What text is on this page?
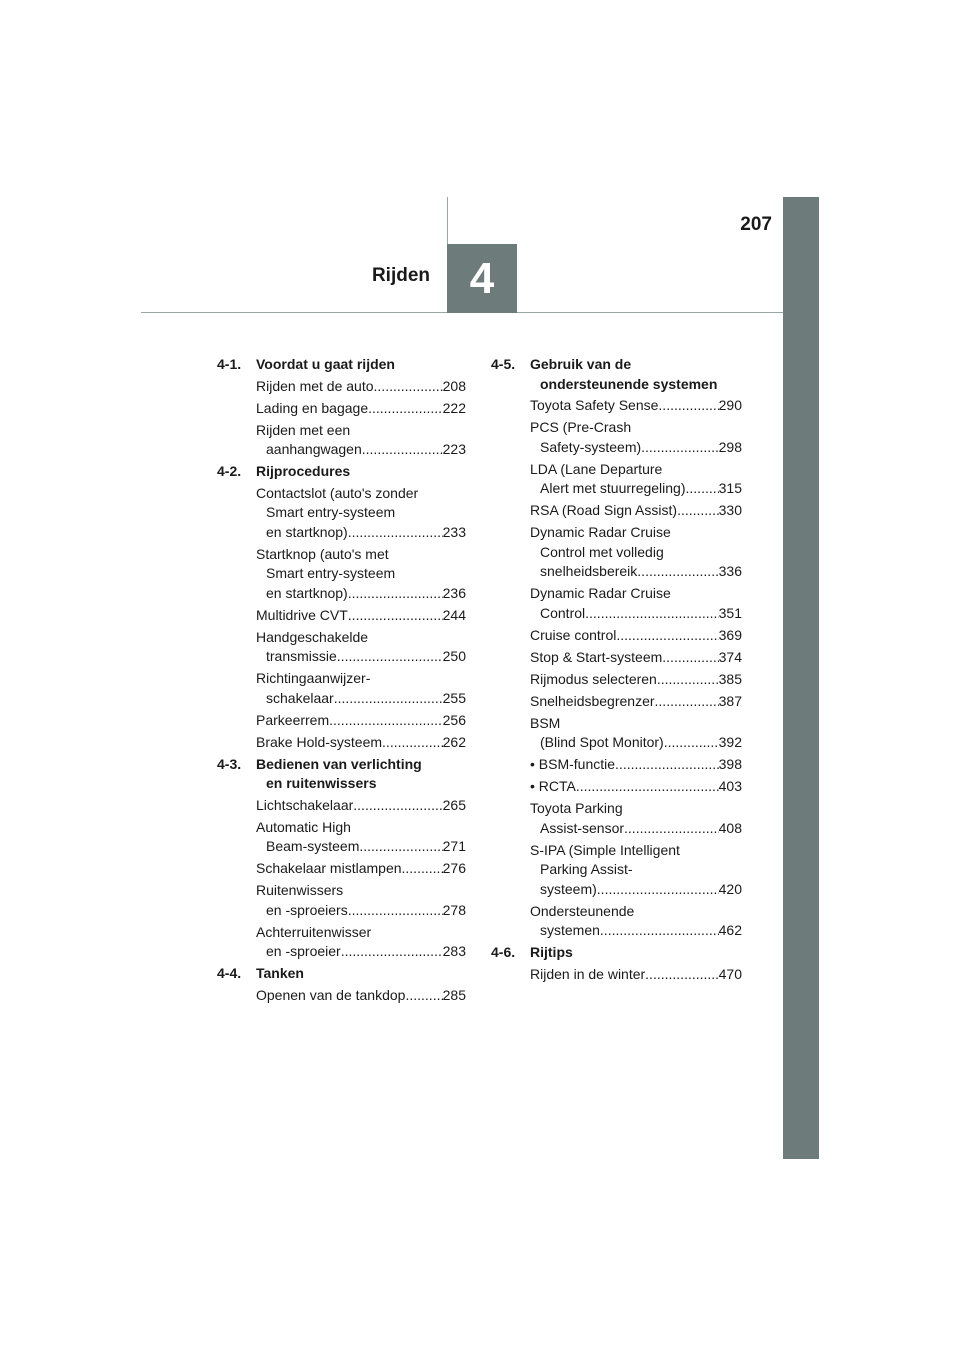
207
Rijden 4
4-1.	Voordat u gaat rijden
Rijden met de auto .....	208
Lading en bagage .....	222
Rijden met een
aanhangwagen .....	223
4-2.	Rijprocedures
Contactslot (auto's zonder
Smart entry-systeem
en startknop) .....	233
Startknop (auto's met
Smart entry-systeem
en startknop) .....	236
Multidrive CVT .....	244
Handgeschakelde
transmissie .....	250
Richtingaanwijzer-
schakelaar .....	255
Parkeerrem .....	256
Brake Hold-systeem .....	262
4-3.	Bedienen van verlichting
en ruitenwissers
Lichtschakelaar .....	265
Automatic High
Beam-systeem .....	271
Schakelaar mistlampen .....	276
Ruitenwissers
en -sproeiers .....	278
Achterruitenwisser
en -sproeier .....	283
4-4.	Tanken
Openen van de tankdop .....	285
4-5.	Gebruik van de
ondersteunende systemen
Toyota Safety Sense .....	290
PCS (Pre-Crash
Safety-systeem) .....	298
LDA (Lane Departure
Alert met stuurregeling) ..... 315
RSA (Road Sign Assist) .....	330
Dynamic Radar Cruise
Control met volledig
snelheidsbereik .....	336
Dynamic Radar Cruise
Control .....	351
Cruise control .....	369
Stop & Start-systeem .....	374
Rijmodus selecteren .....	385
Snelheidsbegrenzer .....	387
BSM
(Blind Spot Monitor) .....	392
• BSM-functie .....	398
• RCTA .....	403
Toyota Parking
Assist-sensor .....	408
S-IPA (Simple Intelligent
Parking Assist-
systeem) .....	420
Ondersteunende
systemen .....	462
4-6.	Rijtips
Rijden in de winter .....	470
